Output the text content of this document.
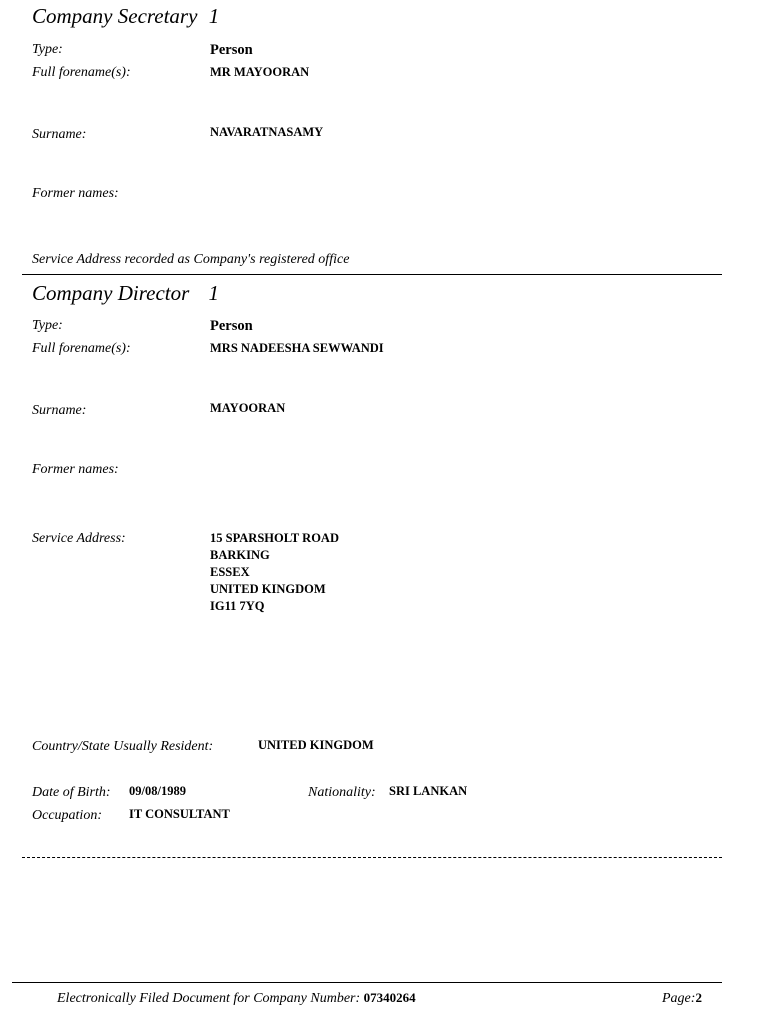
Company Secretary 1
Type:	Person
Full forename(s):	MR MAYOORAN
Surname:	NAVARATNASAMY
Former names:
Service Address recorded as Company's registered office
Company Director 1
Type:	Person
Full forename(s):	MRS NADEESHA SEWWANDI
Surname:	MAYOORAN
Former names:
Service Address:	15 SPARSHOLT ROAD
BARKING
ESSEX
UNITED KINGDOM
IG11 7YQ
Country/State Usually Resident:	UNITED KINGDOM
Date of Birth: 09/08/1989	Nationality: SRI LANKAN
Occupation: IT CONSULTANT
Electronically Filed Document for Company Number: 07340264	Page:2
